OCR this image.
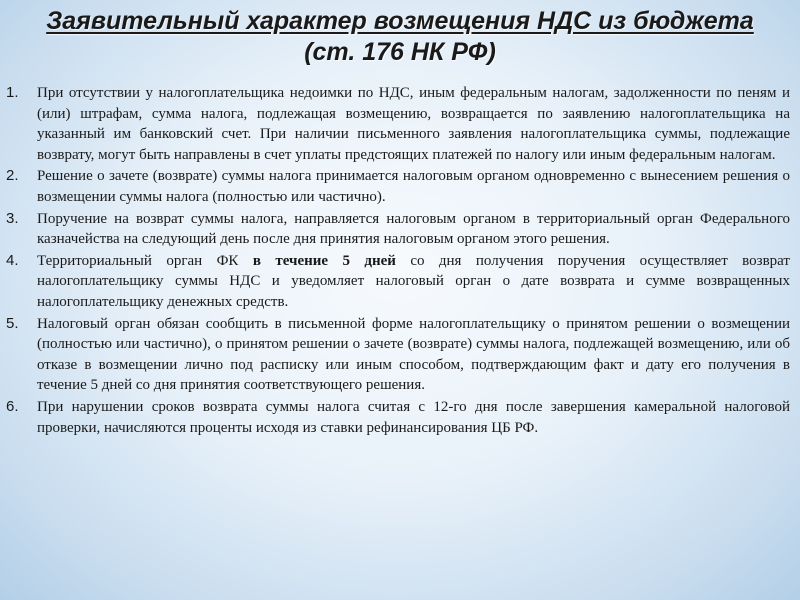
Заявительный характер возмещения НДС из бюджета
(ст. 176 НК РФ)
1.	При отсутствии у налогоплательщика недоимки по НДС, иным федеральным налогам, задолженности по пеням и (или) штрафам, сумма налога, подлежащая возмещению, возвращается по заявлению налогоплательщика на указанный им банковский счет. При наличии письменного заявления налогоплательщика суммы, подлежащие возврату, могут быть направлены в счет уплаты предстоящих платежей по налогу или иным федеральным налогам.
2.	Решение о зачете (возврате) суммы налога принимается налоговым органом одновременно с вынесением решения о возмещении суммы налога (полностью или частично).
3.	Поручение на возврат суммы налога, направляется налоговым органом в территориальный орган Федерального казначейства на следующий день после дня принятия налоговым органом этого решения.
4.	Территориальный орган ФК в течение 5 дней со дня получения поручения осуществляет возврат налогоплательщику суммы НДС и уведомляет налоговый орган о дате возврата и сумме возвращенных налогоплательщику денежных средств.
5.	Налоговый орган обязан сообщить в письменной форме налогоплательщику о принятом решении о возмещении (полностью или частично), о принятом решении о зачете (возврате) суммы налога, подлежащей возмещению, или об отказе в возмещении лично под расписку или иным способом, подтверждающим факт и дату его получения в течение 5 дней со дня принятия соответствующего решения.
6.	При нарушении сроков возврата суммы налога считая с 12-го дня после завершения камеральной налоговой проверки, начисляются проценты исходя из ставки рефинансирования ЦБ РФ.
